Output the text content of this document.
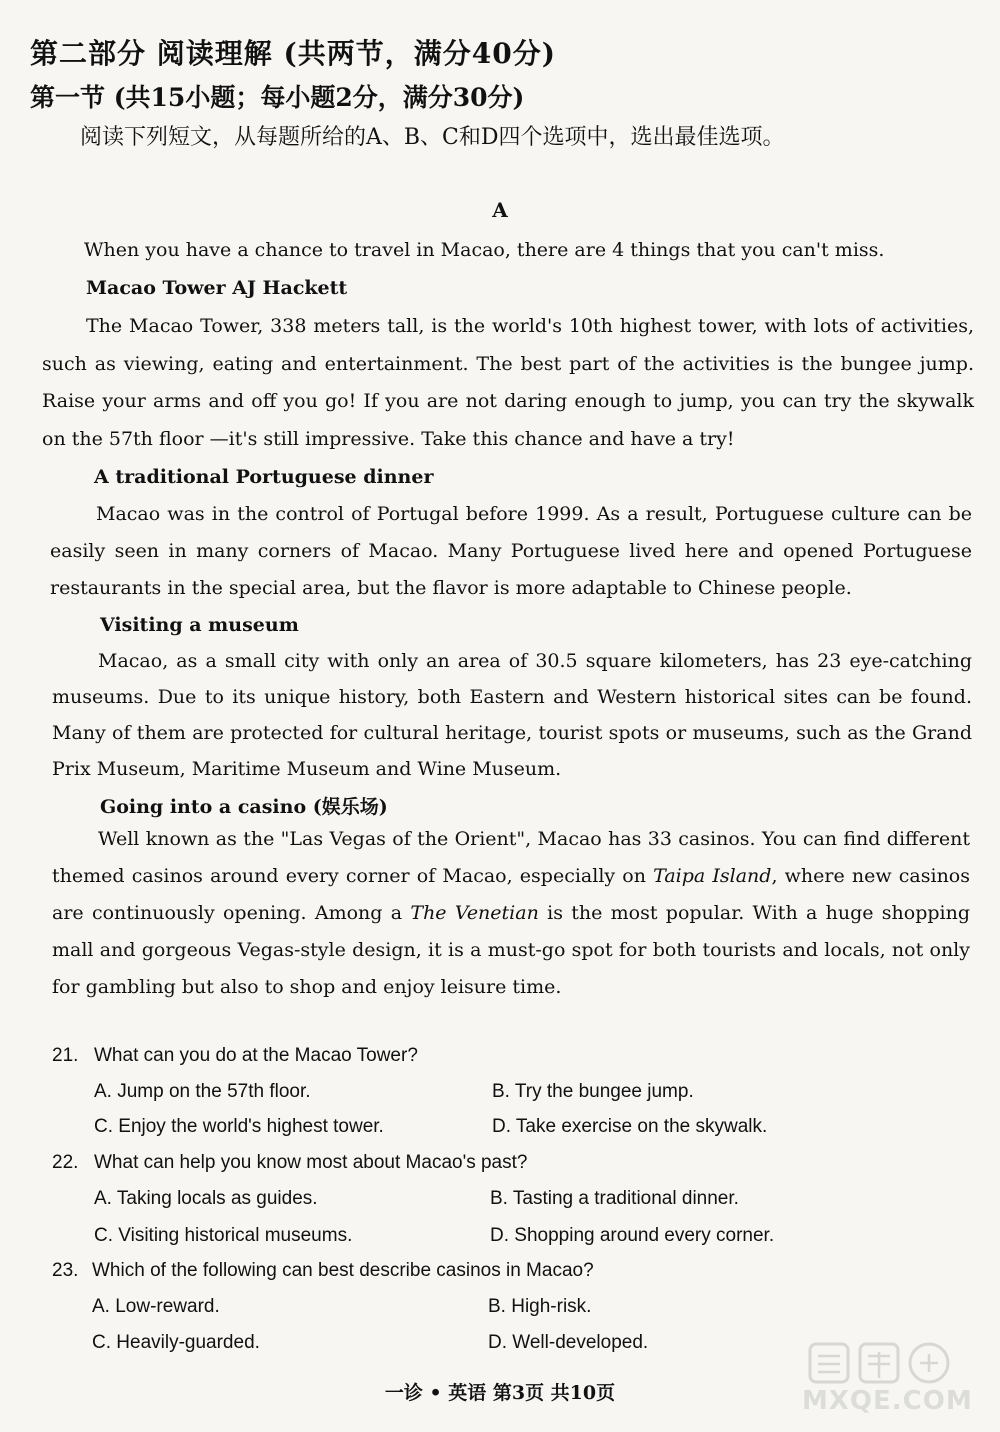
第二部分 阅读理解 (共两节，满分40分)
第一节 (共15小题；每小题2分，满分30分)
阅读下列短文，从每题所给的A、B、C和D四个选项中，选出最佳选项。
A
When you have a chance to travel in Macao, there are 4 things that you can't miss.
Macao Tower AJ Hackett
The Macao Tower, 338 meters tall, is the world's 10th highest tower, with lots of activities, such as viewing, eating and entertainment. The best part of the activities is the bungee jump. Raise your arms and off you go! If you are not daring enough to jump, you can try the skywalk on the 57th floor —it's still impressive. Take this chance and have a try!
A traditional Portuguese dinner
Macao was in the control of Portugal before 1999. As a result, Portuguese culture can be easily seen in many corners of Macao. Many Portuguese lived here and opened Portuguese restaurants in the special area, but the flavor is more adaptable to Chinese people.
Visiting a museum
Macao, as a small city with only an area of 30.5 square kilometers, has 23 eye-catching museums. Due to its unique history, both Eastern and Western historical sites can be found. Many of them are protected for cultural heritage, tourist spots or museums, such as the Grand Prix Museum, Maritime Museum and Wine Museum.
Going into a casino (娱乐场)
Well known as the "Las Vegas of the Orient", Macao has 33 casinos. You can find different themed casinos around every corner of Macao, especially on Taipa Island, where new casinos are continuously opening. Among a The Venetian is the most popular. With a huge shopping mall and gorgeous Vegas-style design, it is a must-go spot for both tourists and locals, not only for gambling but also to shop and enjoy leisure time.
21. What can you do at the Macao Tower?
A. Jump on the 57th floor.	B. Try the bungee jump.
C. Enjoy the world's highest tower.	D. Take exercise on the skywalk.
22. What can help you know most about Macao's past?
A. Taking locals as guides.	B. Tasting a traditional dinner.
C. Visiting historical museums.	D. Shopping around every corner.
23. Which of the following can best describe casinos in Macao?
A. Low-reward.	B. High-risk.
C. Heavily-guarded.	D. Well-developed.
一诊 • 英语 第3页 共10页	MXQE.COM
